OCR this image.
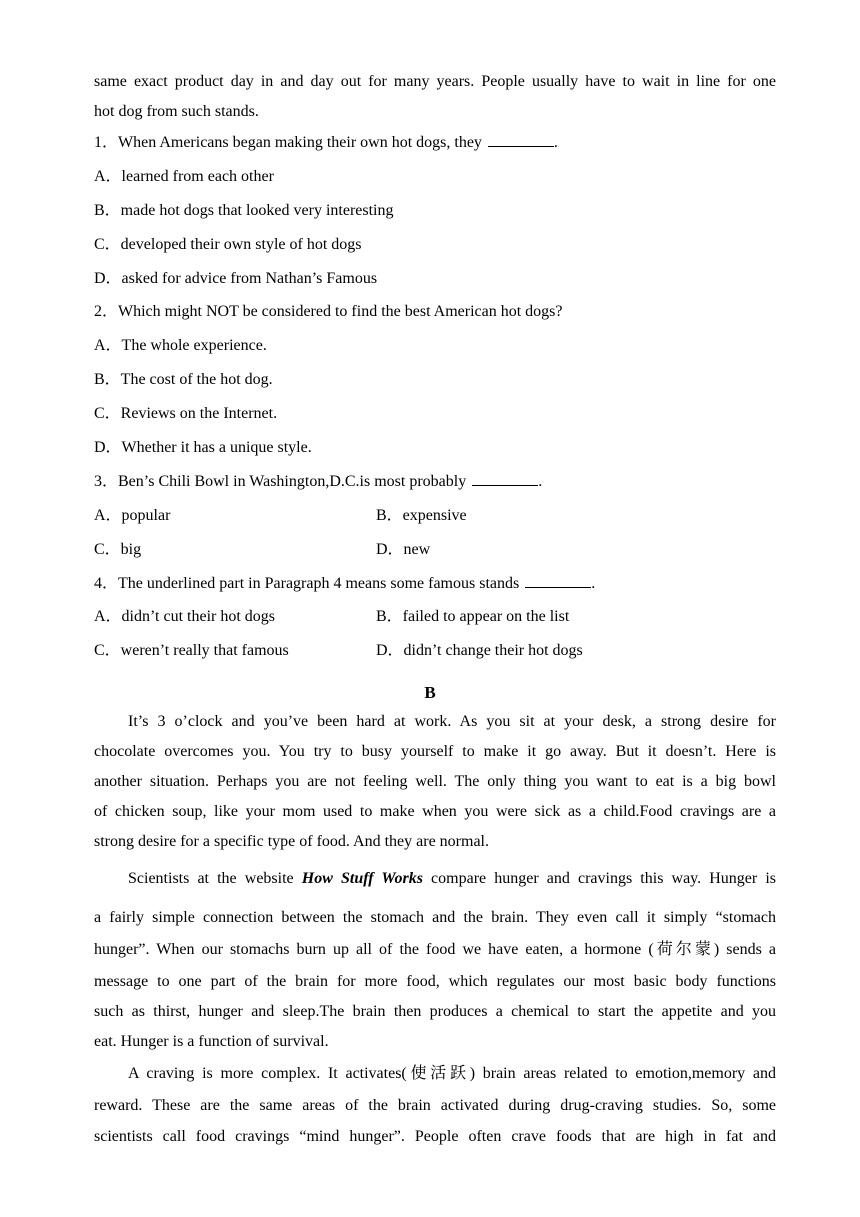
same exact product day in and day out for many years. People usually have to wait in line for one
hot dog from such stands.
1．When Americans began making their own hot dogs, they	.
A．learned from each other
B．made hot dogs that looked very interesting
C．developed their own style of hot dogs
D．asked for advice from Nathan’s Famous
2．Which might NOT be considered to find the best American hot dogs?
A．The whole experience.
B．The cost of the hot dog.
C．Reviews on the Internet.
D．Whether it has a unique style.
3．Ben’s Chili Bowl in Washington,D.C.is most probably	.
A．popular	B．expensive
C．big	D．new
4．The underlined part in Paragraph 4 means some famous stands	.
A．didn’t cut their hot dogs	B．failed to appear on the list
C．weren’t really that famous	D．didn’t change their hot dogs
B
It’s 3 o’clock and you’ve been hard at work. As you sit at your desk, a strong desire for
chocolate overcomes you. You try to busy yourself to make it go away. But it doesn’t. Here is
another situation. Perhaps you are not feeling well. The only thing you want to eat is a big bowl
of chicken soup, like your mom used to make when you were sick as a child.Food cravings are a
strong desire for a specific type of food. And they are normal.
Scientists at the website How Stuff Works compare hunger and cravings this way. Hunger is
a fairly simple connection between the stomach and the brain. They even call it simply “stomach
hunger”. When our stomachs burn up all of the food we have eaten, a hormone (荷尔蒙) sends a
message to one part of the brain for more food, which regulates our most basic body functions
such as thirst, hunger and sleep.The brain then produces a chemical to start the appetite and you
eat. Hunger is a function of survival.
A craving is more complex. It activates(使活跃) brain areas related to emotion,memory and
reward. These are the same areas of the brain activated during drug-craving studies. So, some
scientists call food cravings “mind hunger”. People often crave foods that are high in fat and
